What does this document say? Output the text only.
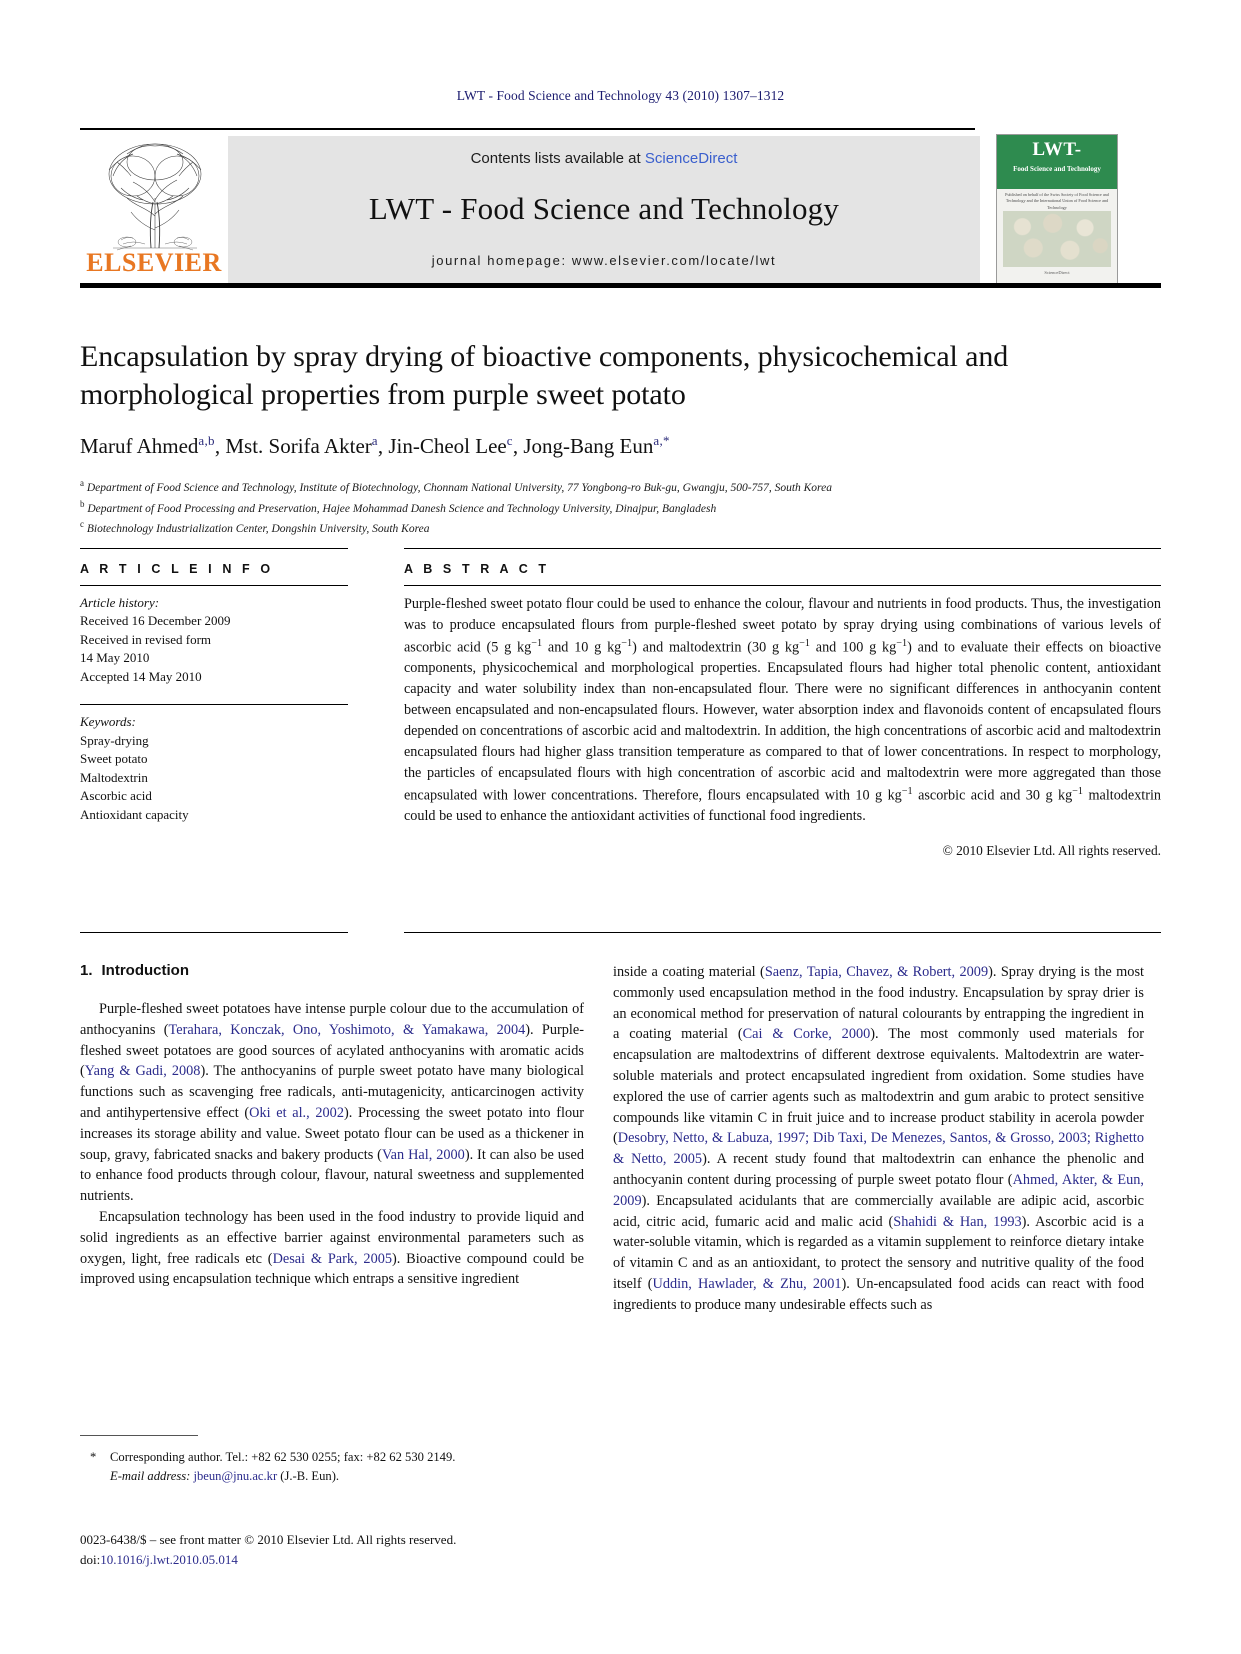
LWT - Food Science and Technology 43 (2010) 1307–1312
ELSEVIER
Contents lists available at ScienceDirect
LWT - Food Science and Technology
journal homepage: www.elsevier.com/locate/lwt
LWT-
Food Science and Technology
Published on behalf of the Swiss Society of Food Science and Technology and the International Union of Food Science and Technology
ScienceDirect
Encapsulation by spray drying of bioactive components, physicochemical and morphological properties from purple sweet potato
Maruf Ahmed$^{a,b}$, Mst. Sorifa Akter$^a$, Jin-Cheol Lee$^c$, Jong-Bang Eun$^{a,*}$
$^a$ Department of Food Science and Technology, Institute of Biotechnology, Chonnam National University, 77 Yongbong-ro Buk-gu, Gwangju, 500-757, South Korea
$^b$ Department of Food Processing and Preservation, Hajee Mohammad Danesh Science and Technology University, Dinajpur, Bangladesh
$^c$ Biotechnology Industrialization Center, Dongshin University, South Korea
A R T I C L E I N F O
Article history:
Received 16 December 2009
Received in revised form
14 May 2010
Accepted 14 May 2010
Keywords:
Spray-drying
Sweet potato
Maltodextrin
Ascorbic acid
Antioxidant capacity
A B S T R A C T

Purple-fleshed sweet potato flour could be used to enhance the colour, flavour and nutrients in food products. Thus, the investigation was to produce encapsulated flours from purple-fleshed sweet potato by spray drying using combinations of various levels of ascorbic acid (5 g $kg^{-1}$ and 10 g $kg^{-1}$) and maltodextrin (30 g $kg^{-1}$ and 100 g $kg^{-1}$) and to evaluate their effects on bioactive components, physicochemical and morphological properties. Encapsulated flours had higher total phenolic content, antioxidant capacity and water solubility index than non-encapsulated flour. There were no significant differences in anthocyanin content between encapsulated and non-encapsulated flours. However, water absorption index and flavonoids content of encapsulated flours depended on concentrations of ascorbic acid and maltodextrin. In addition, the high concentrations of ascorbic acid and maltodextrin encapsulated flours had higher glass transition temperature as compared to that of lower concentrations. In respect to morphology, the particles of encapsulated flours with high concentration of ascorbic acid and maltodextrin were more aggregated than those encapsulated with lower concentrations. Therefore, flours encapsulated with 10 g $kg^{-1}$ ascorbic acid and 30 g $kg^{-1}$ maltodextrin could be used to enhance the antioxidant activities of functional food ingredients.

© 2010 Elsevier Ltd. All rights reserved.
1. Introduction

Purple-fleshed sweet potatoes have intense purple colour due to the accumulation of anthocyanins (Terahara, Konczak, Ono, Yoshimoto, & Yamakawa, 2004). Purple-fleshed sweet potatoes are good sources of acylated anthocyanins with aromatic acids (Yang & Gadi, 2008). The anthocyanins of purple sweet potato have many biological functions such as scavenging free radicals, anti-mutagenicity, anticarcinogen activity and antihypertensive effect (Oki et al., 2002). Processing the sweet potato into flour increases its storage ability and value. Sweet potato flour can be used as a thickener in soup, gravy, fabricated snacks and bakery products (Van Hal, 2000). It can also be used to enhance food products through colour, flavour, natural sweetness and supplemented nutrients.

Encapsulation technology has been used in the food industry to provide liquid and solid ingredients as an effective barrier against environmental parameters such as oxygen, light, free radicals etc (Desai & Park, 2005). Bioactive compound could be improved using encapsulation technique which entraps a sensitive ingredient

inside a coating material (Saenz, Tapia, Chavez, & Robert, 2009). Spray drying is the most commonly used encapsulation method in the food industry. Encapsulation by spray drier is an economical method for preservation of natural colourants by entrapping the ingredient in a coating material (Cai & Corke, 2000). The most commonly used materials for encapsulation are maltodextrins of different dextrose equivalents. Maltodextrin are water-soluble materials and protect encapsulated ingredient from oxidation. Some studies have explored the use of carrier agents such as maltodextrin and gum arabic to protect sensitive compounds like vitamin C in fruit juice and to increase product stability in acerola powder (Desobry, Netto, & Labuza, 1997; Dib Taxi, De Menezes, Santos, & Grosso, 2003; Righetto & Netto, 2005). A recent study found that maltodextrin can enhance the phenolic and anthocyanin content during processing of purple sweet potato flour (Ahmed, Akter, & Eun, 2009). Encapsulated acidulants that are commercially available are adipic acid, ascorbic acid, citric acid, fumaric acid and malic acid (Shahidi & Han, 1993). Ascorbic acid is a water-soluble vitamin, which is regarded as a vitamin supplement to reinforce dietary intake of vitamin C and as an antioxidant, to protect the sensory and nutritive quality of the food itself (Uddin, Hawlader, & Zhu, 2001). Un-encapsulated food acids can react with food ingredients to produce many undesirable effects such as

* Corresponding author. Tel.: +82 62 530 0255; fax: +82 62 530 2149.
E-mail address: jbeun@jnu.ac.kr (J.-B. Eun).
0023-6438/$ – see front matter © 2010 Elsevier Ltd. All rights reserved.
doi:10.1016/j.lwt.2010.05.014
